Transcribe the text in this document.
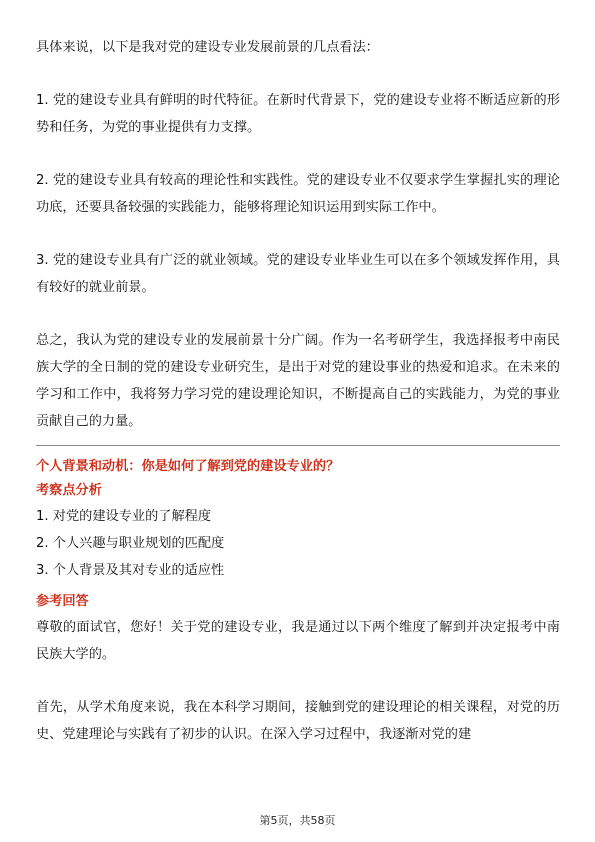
具体来说，以下是我对党的建设专业发展前景的几点看法：

1. 党的建设专业具有鲜明的时代特征。在新时代背景下，党的建设专业将不断适应新的形势和任务，为党的事业提供有力支撑。

2. 党的建设专业具有较高的理论性和实践性。党的建设专业不仅要求学生掌握扎实的理论功底，还要具备较强的实践能力，能够将理论知识运用到实际工作中。

3. 党的建设专业具有广泛的就业领域。党的建设专业毕业生可以在多个领域发挥作用，具有较好的就业前景。

总之，我认为党的建设专业的发展前景十分广阔。作为一名考研学生，我选择报考中南民族大学的全日制的党的建设专业研究生，是出于对党的建设事业的热爱和追求。在未来的学习和工作中，我将努力学习党的建设理论知识，不断提高自己的实践能力，为党的事业贡献自己的力量。

个人背景和动机：你是如何了解到党的建设专业的？

考察点分析

1. 对党的建设专业的了解程度

2. 个人兴趣与职业规划的匹配度

3. 个人背景及其对专业的适应性

参考回答

尊敬的面试官，您好！关于党的建设专业，我是通过以下两个维度了解到并决定报考中南民族大学的。

首先，从学术角度来说，我在本科学习期间，接触到党的建设理论的相关课程，对党的历史、党建理论与实践有了初步的认识。在深入学习过程中，我逐渐对党的建

第5页，共58页
